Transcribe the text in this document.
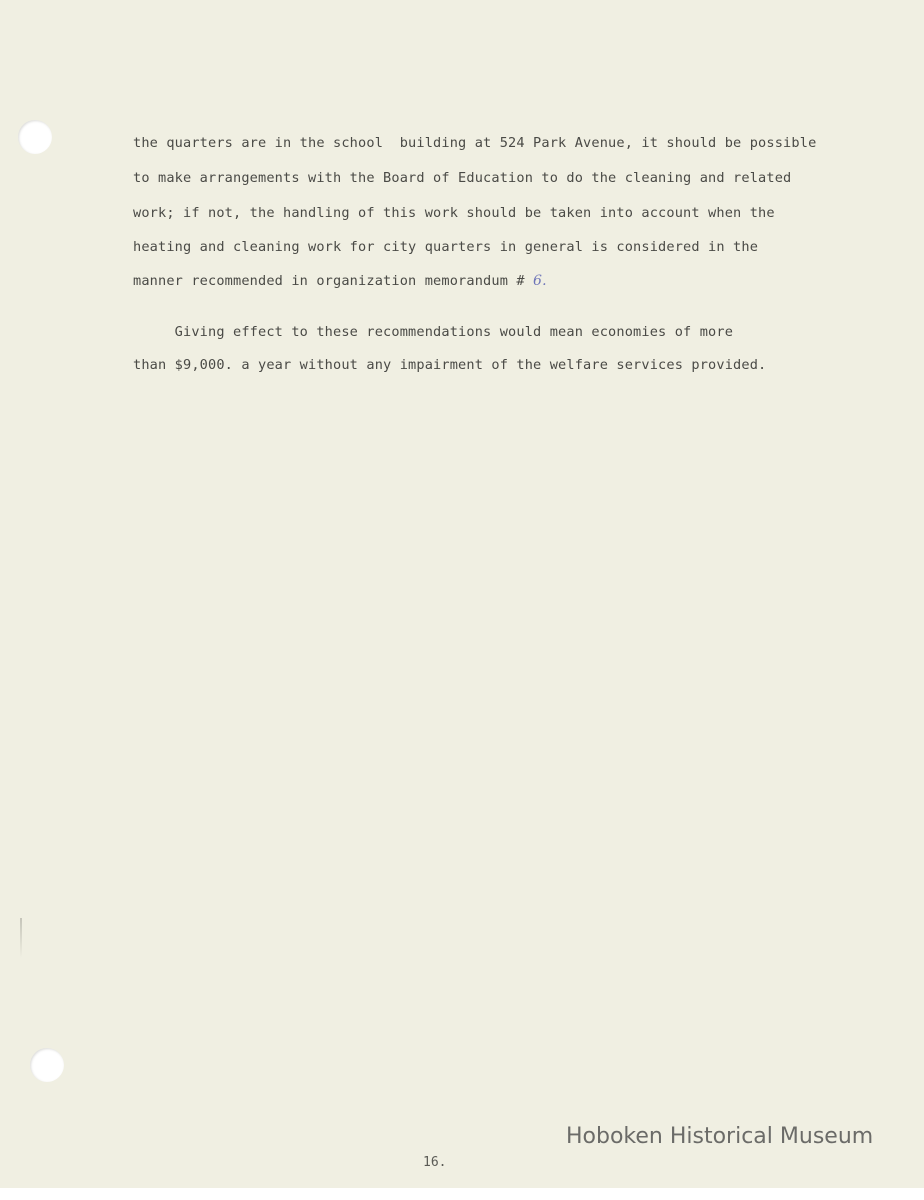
the quarters are in the school  building at 524 Park Avenue, it should be possible
to make arrangements with the Board of Education to do the cleaning and related
work; if not, the handling of this work should be taken into account when the
heating and cleaning work for city quarters in general is considered in the
manner recommended in organization memorandum # 6.
Giving effect to these recommendations would mean economies of more
than $9,000. a year without any impairment of the welfare services provided.
Hoboken Historical Museum
16.
